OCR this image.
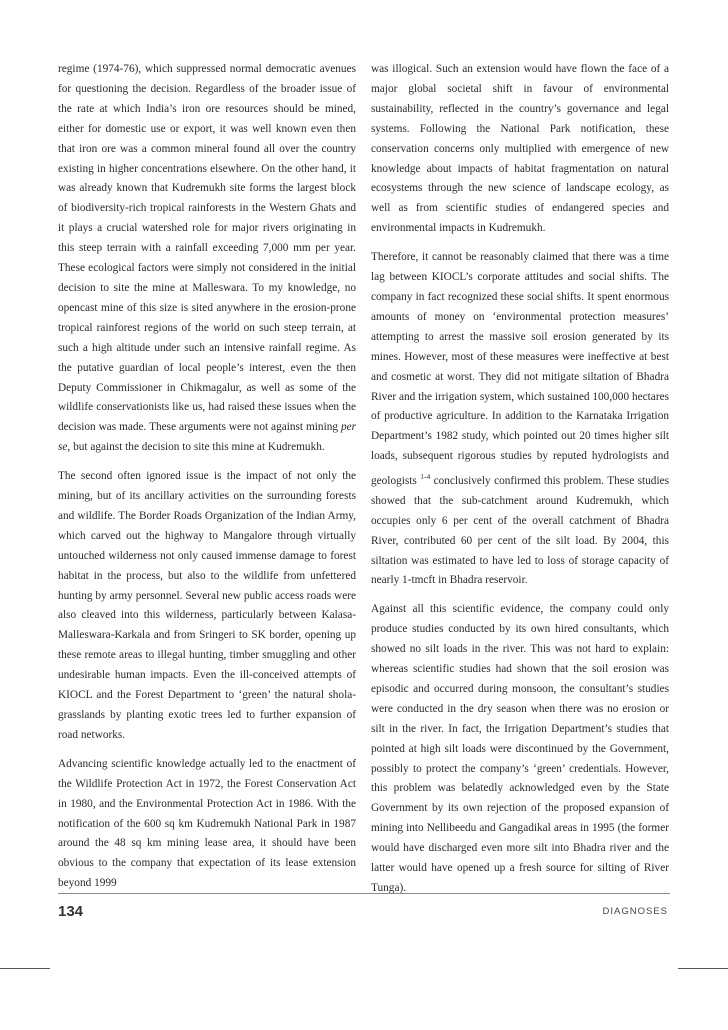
regime (1974-76), which suppressed normal democratic avenues for questioning the decision. Regardless of the broader issue of the rate at which India’s iron ore resources should be mined, either for domestic use or export, it was well known even then that iron ore was a common mineral found all over the country existing in higher concentrations elsewhere. On the other hand, it was already known that Kudremukh site forms the largest block of biodiversity-rich tropical rainforests in the Western Ghats and it plays a crucial watershed role for major rivers originating in this steep terrain with a rainfall exceeding 7,000 mm per year. These ecological factors were simply not considered in the initial decision to site the mine at Malleswara. To my knowledge, no opencast mine of this size is sited anywhere in the erosion-prone tropical rainforest regions of the world on such steep terrain, at such a high altitude under such an intensive rainfall regime. As the putative guardian of local people’s interest, even the then Deputy Commissioner in Chikmagalur, as well as some of the wildlife conservationists like us, had raised these issues when the decision was made. These arguments were not against mining per se, but against the decision to site this mine at Kudremukh.

The second often ignored issue is the impact of not only the mining, but of its ancillary activities on the surrounding forests and wildlife. The Border Roads Organization of the Indian Army, which carved out the highway to Mangalore through virtually untouched wilderness not only caused immense damage to forest habitat in the process, but also to the wildlife from unfettered hunting by army personnel. Several new public access roads were also cleaved into this wilderness, particularly between Kalasa-Malleswara-Karkala and from Sringeri to SK border, opening up these remote areas to illegal hunting, timber smuggling and other undesirable human impacts. Even the ill-conceived attempts of KIOCL and the Forest Department to ‘green’ the natural shola-grasslands by planting exotic trees led to further expansion of road networks.

Advancing scientific knowledge actually led to the enactment of the Wildlife Protection Act in 1972, the Forest Conservation Act in 1980, and the Environmental Protection Act in 1986. With the notification of the 600 sq km Kudremukh National Park in 1987 around the 48 sq km mining lease area, it should have been obvious to the company that expectation of its lease extension beyond 1999

was illogical. Such an extension would have flown the face of a major global societal shift in favour of environmental sustainability, reflected in the country’s governance and legal systems. Following the National Park notification, these conservation concerns only multiplied with emergence of new knowledge about impacts of habitat fragmentation on natural ecosystems through the new science of landscape ecology, as well as from scientific studies of endangered species and environmental impacts in Kudremukh.

Therefore, it cannot be reasonably claimed that there was a time lag between KIOCL’s corporate attitudes and social shifts. The company in fact recognized these social shifts. It spent enormous amounts of money on ‘environmental protection measures’ attempting to arrest the massive soil erosion generated by its mines. However, most of these measures were ineffective at best and cosmetic at worst. They did not mitigate siltation of Bhadra River and the irrigation system, which sustained 100,000 hectares of productive agriculture. In addition to the Karnataka Irrigation Department’s 1982 study, which pointed out 20 times higher silt loads, subsequent rigorous studies by reputed hydrologists and geologists $^{1-4}$ conclusively confirmed this problem. These studies showed that the sub-catchment around Kudremukh, which occupies only 6 per cent of the overall catchment of Bhadra River, contributed 60 per cent of the silt load. By 2004, this siltation was estimated to have led to loss of storage capacity of nearly 1-tmcft in Bhadra reservoir.

Against all this scientific evidence, the company could only produce studies conducted by its own hired consultants, which showed no silt loads in the river. This was not hard to explain: whereas scientific studies had shown that the soil erosion was episodic and occurred during monsoon, the consultant’s studies were conducted in the dry season when there was no erosion or silt in the river. In fact, the Irrigation Department’s studies that pointed at high silt loads were discontinued by the Government, possibly to protect the company’s ‘green’ credentials. However, this problem was belatedly acknowledged even by the State Government by its own rejection of the proposed expansion of mining into Nellibeedu and Gangadikal areas in 1995 (the former would have discharged even more silt into Bhadra river and the latter would have opened up a fresh source for silting of River Tunga).

134	DIAGNOSES
